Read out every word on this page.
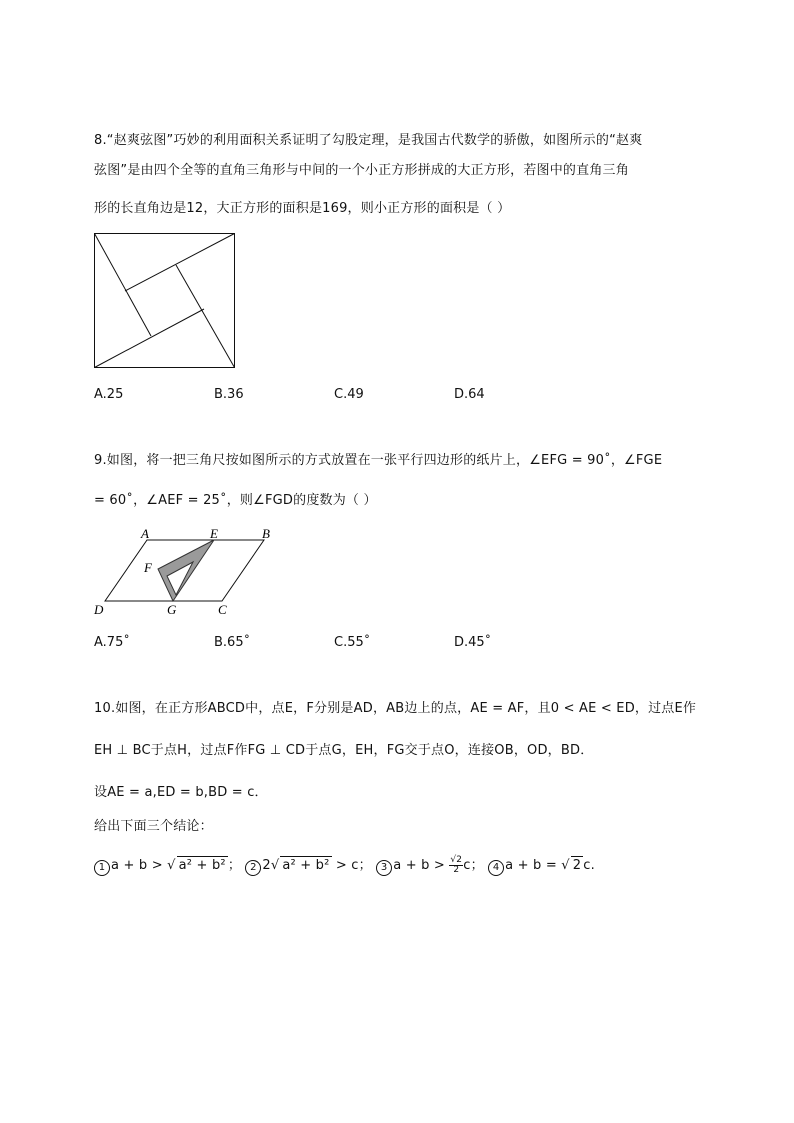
8.“赵爽弦图”巧妙的利用面积关系证明了勾股定理，是我国古代数学的骄傲，如图所示的“赵爽
弦图”是由四个全等的直角三角形与中间的一个小正方形拼成的大正方形，若图中的直角三角
形的长直角边是12，大正方形的面积是169，则小正方形的面积是（ ）
A.25	B.36	C.49	D.64
9.如图，将一把三角尺按如图所示的方式放置在一张平行四边形的纸片上，∠EFG = 90˚，∠FGE
= 60˚，∠AEF = 25˚，则∠FGD的度数为（ ）
A	E	B
F
D	G	C
A.75˚	B.65˚	C.55˚	D.45˚
10.如图，在正方形ABCD中，点E，F分别是AD，AB边上的点，AE = AF，且0 < AE < ED，过点E作
EH ⊥ BC于点H，过点F作FG ⊥ CD于点G，EH，FG交于点O，连接OB，OD，BD．
设AE = a,ED = b,BD = c．
给出下面三个结论：
1 a + b > √ a² + b² ； 2 2√ a² + b² > c； 3 $a + b > \frac{√2}{2}$ c； 4 a + b = √ 2 c.
